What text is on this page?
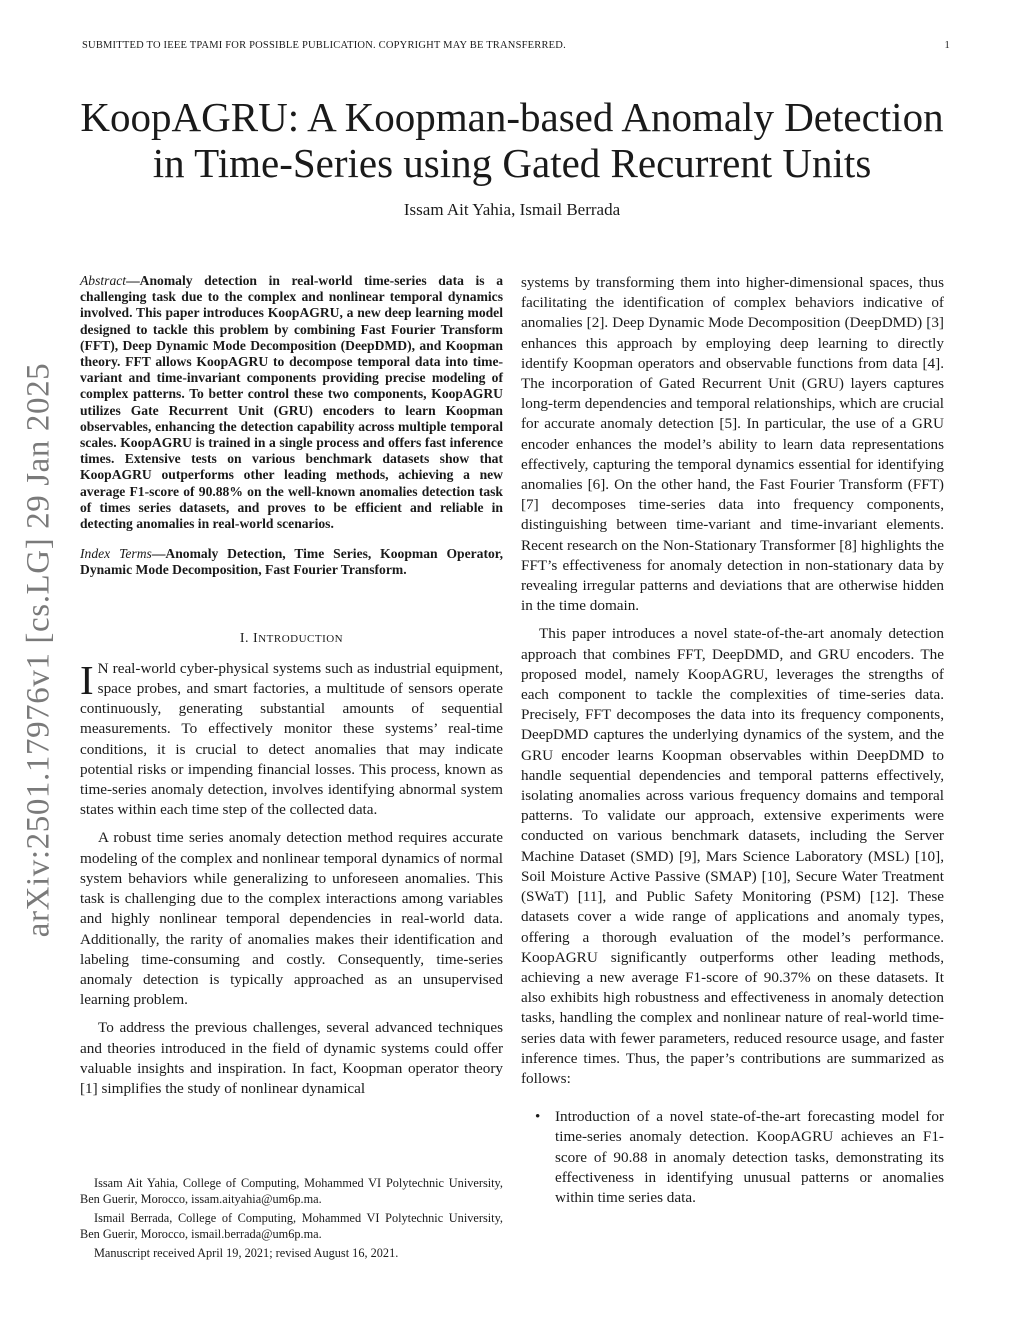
SUBMITTED TO IEEE TPAMI FOR POSSIBLE PUBLICATION. COPYRIGHT MAY BE TRANSFERRED.	1
KoopAGRU: A Koopman-based Anomaly Detection
in Time-Series using Gated Recurrent Units
Issam Ait Yahia, Ismail Berrada
arXiv:2501.17976v1 [cs.LG] 29 Jan 2025

Abstract—Anomaly detection in real-world time-series data is a challenging task due to the complex and nonlinear temporal dynamics involved. This paper introduces KoopAGRU, a new deep learning model designed to tackle this problem by combining Fast Fourier Transform (FFT), Deep Dynamic Mode Decomposition (DeepDMD), and Koopman theory. FFT allows KoopAGRU to decompose temporal data into time-variant and time-invariant components providing precise modeling of complex patterns. To better control these two components, KoopAGRU utilizes Gate Recurrent Unit (GRU) encoders to learn Koopman observables, enhancing the detection capability across multiple temporal scales. KoopAGRU is trained in a single process and offers fast inference times. Extensive tests on various benchmark datasets show that KoopAGRU outperforms other leading methods, achieving a new average F1-score of 90.88% on the well-known anomalies detection task of times series datasets, and proves to be efficient and reliable in detecting anomalies in real-world scenarios.

Index Terms—Anomaly Detection, Time Series, Koopman Operator, Dynamic Mode Decomposition, Fast Fourier Transform.

I. INTRODUCTION

I N real-world cyber-physical systems such as industrial equipment, space probes, and smart factories, a multitude of sensors operate continuously, generating substantial amounts of sequential measurements. To effectively monitor these systems’ real-time conditions, it is crucial to detect anomalies that may indicate potential risks or impending financial losses. This process, known as time-series anomaly detection, involves identifying abnormal system states within each time step of the collected data.

A robust time series anomaly detection method requires accurate modeling of the complex and nonlinear temporal dynamics of normal system behaviors while generalizing to unforeseen anomalies. This task is challenging due to the complex interactions among variables and highly nonlinear temporal dependencies in real-world data. Additionally, the rarity of anomalies makes their identification and labeling time-consuming and costly. Consequently, time-series anomaly detection is typically approached as an unsupervised learning problem.

To address the previous challenges, several advanced techniques and theories introduced in the field of dynamic systems could offer valuable insights and inspiration. In fact, Koopman operator theory [1] simplifies the study of nonlinear dynamical

Issam Ait Yahia, College of Computing, Mohammed VI Polytechnic University, Ben Guerir, Morocco, issam.aityahia@um6p.ma.

Ismail Berrada, College of Computing, Mohammed VI Polytechnic University, Ben Guerir, Morocco, ismail.berrada@um6p.ma.

Manuscript received April 19, 2021; revised August 16, 2021.

systems by transforming them into higher-dimensional spaces, thus facilitating the identification of complex behaviors indicative of anomalies [2]. Deep Dynamic Mode Decomposition (DeepDMD) [3] enhances this approach by employing deep learning to directly identify Koopman operators and observable functions from data [4]. The incorporation of Gated Recurrent Unit (GRU) layers captures long-term dependencies and temporal relationships, which are crucial for accurate anomaly detection [5]. In particular, the use of a GRU encoder enhances the model’s ability to learn data representations effectively, capturing the temporal dynamics essential for identifying anomalies [6]. On the other hand, the Fast Fourier Transform (FFT) [7] decomposes time-series data into frequency components, distinguishing between time-variant and time-invariant elements. Recent research on the Non-Stationary Transformer [8] highlights the FFT’s effectiveness for anomaly detection in non-stationary data by revealing irregular patterns and deviations that are otherwise hidden in the time domain.

This paper introduces a novel state-of-the-art anomaly detection approach that combines FFT, DeepDMD, and GRU encoders. The proposed model, namely KoopAGRU, leverages the strengths of each component to tackle the complexities of time-series data. Precisely, FFT decomposes the data into its frequency components, DeepDMD captures the underlying dynamics of the system, and the GRU encoder learns Koopman observables within DeepDMD to handle sequential dependencies and temporal patterns effectively, isolating anomalies across various frequency domains and temporal patterns. To validate our approach, extensive experiments were conducted on various benchmark datasets, including the Server Machine Dataset (SMD) [9], Mars Science Laboratory (MSL) [10], Soil Moisture Active Passive (SMAP) [10], Secure Water Treatment (SWaT) [11], and Public Safety Monitoring (PSM) [12]. These datasets cover a wide range of applications and anomaly types, offering a thorough evaluation of the model’s performance. KoopAGRU significantly outperforms other leading methods, achieving a new average F1-score of 90.37% on these datasets. It also exhibits high robustness and effectiveness in anomaly detection tasks, handling the complex and nonlinear nature of real-world time-series data with fewer parameters, reduced resource usage, and faster inference times. Thus, the paper’s contributions are summarized as follows:

• Introduction of a novel state-of-the-art forecasting model for time-series anomaly detection. KoopAGRU achieves an F1-score of 90.88 in anomaly detection tasks, demonstrating its effectiveness in identifying unusual patterns or anomalies within time series data.
